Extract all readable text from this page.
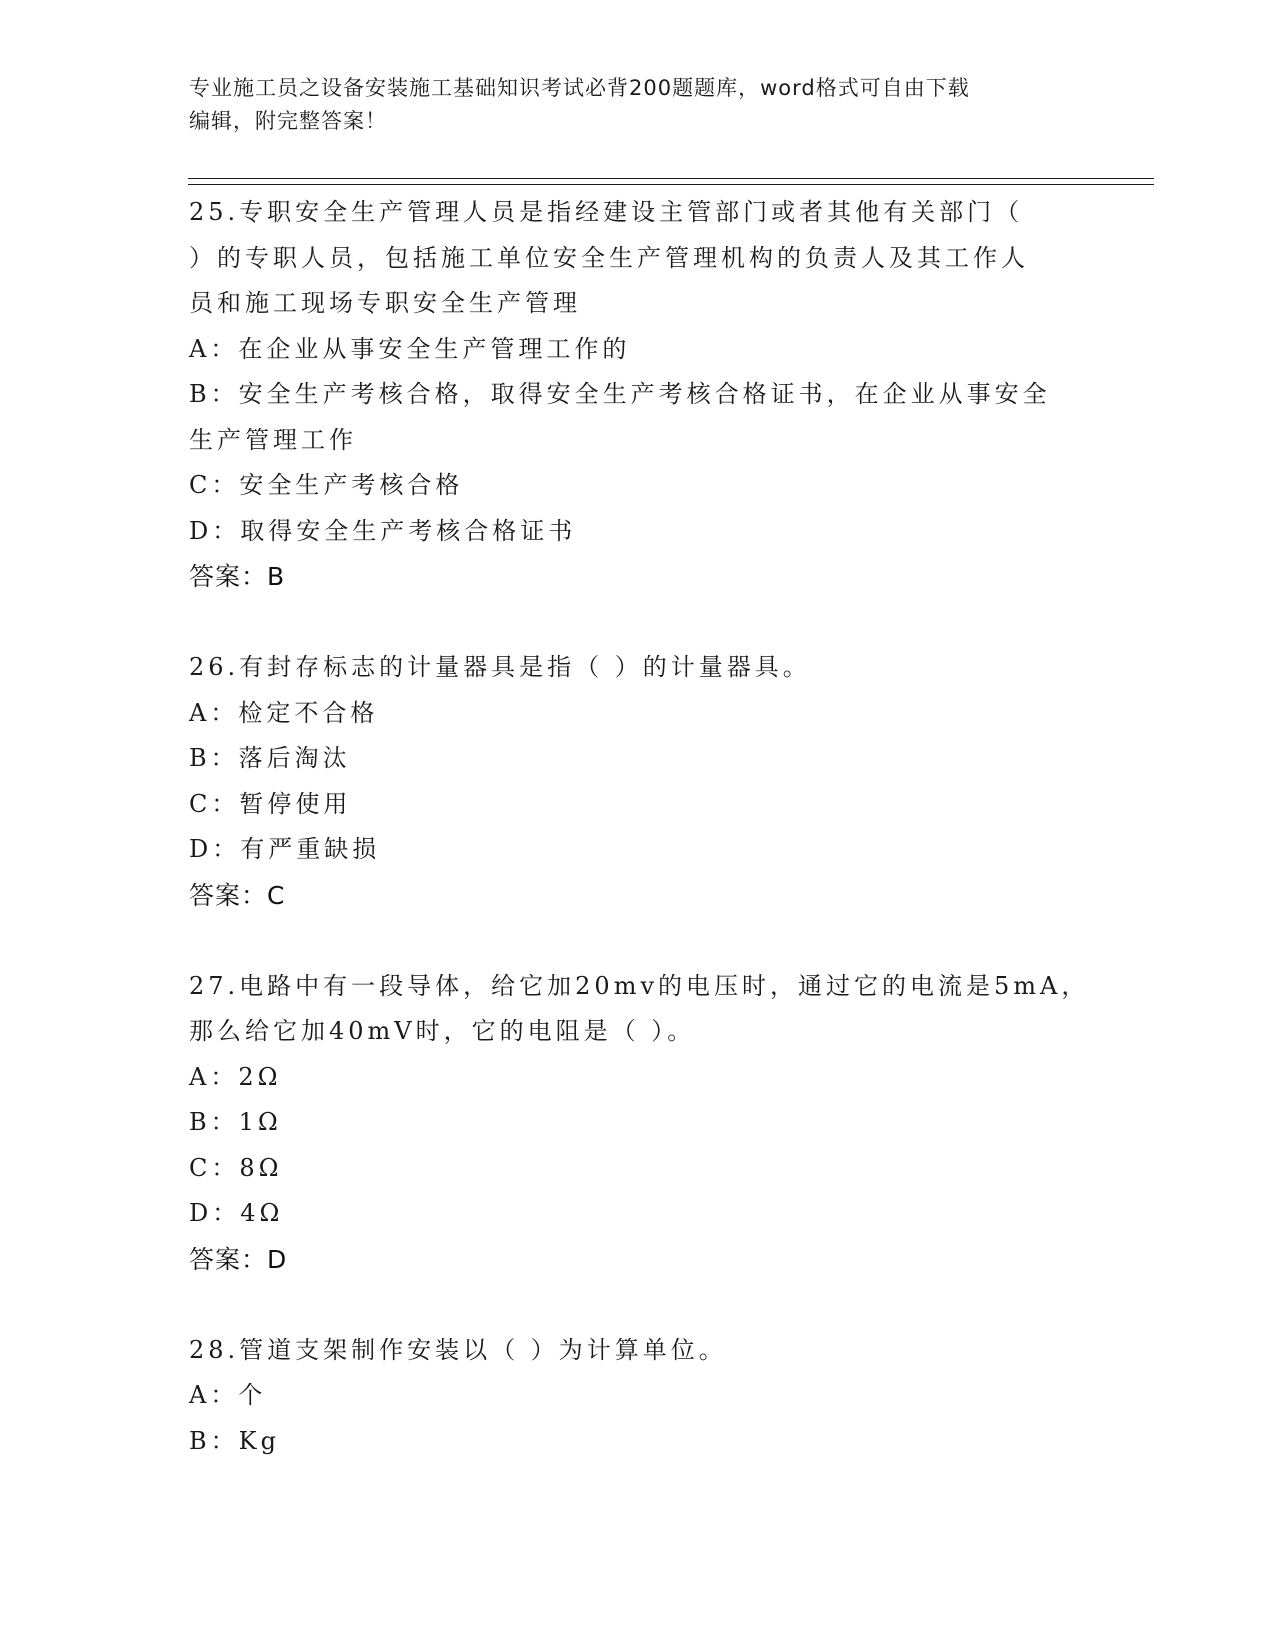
专业施工员之设备安装施工基础知识考试必背200题题库，word格式可自由下载
编辑，附完整答案！
25.专职安全生产管理人员是指经建设主管部门或者其他有关部门（
）的专职人员，包括施工单位安全生产管理机构的负责人及其工作人
员和施工现场专职安全生产管理
A：在企业从事安全生产管理工作的
B：安全生产考核合格，取得安全生产考核合格证书，在企业从事安全
生产管理工作
C：安全生产考核合格
D：取得安全生产考核合格证书
答案：B
26.有封存标志的计量器具是指（ ）的计量器具。
A：检定不合格
B：落后淘汰
C：暂停使用
D：有严重缺损
答案：C
27.电路中有一段导体，给它加20mv的电压时，通过它的电流是5mA，
那么给它加40mV时，它的电阻是（ ）。
A：2Ω
B：1Ω
C：8Ω
D：4Ω
答案：D
28.管道支架制作安装以（ ）为计算单位。
A：个
B：Kg
